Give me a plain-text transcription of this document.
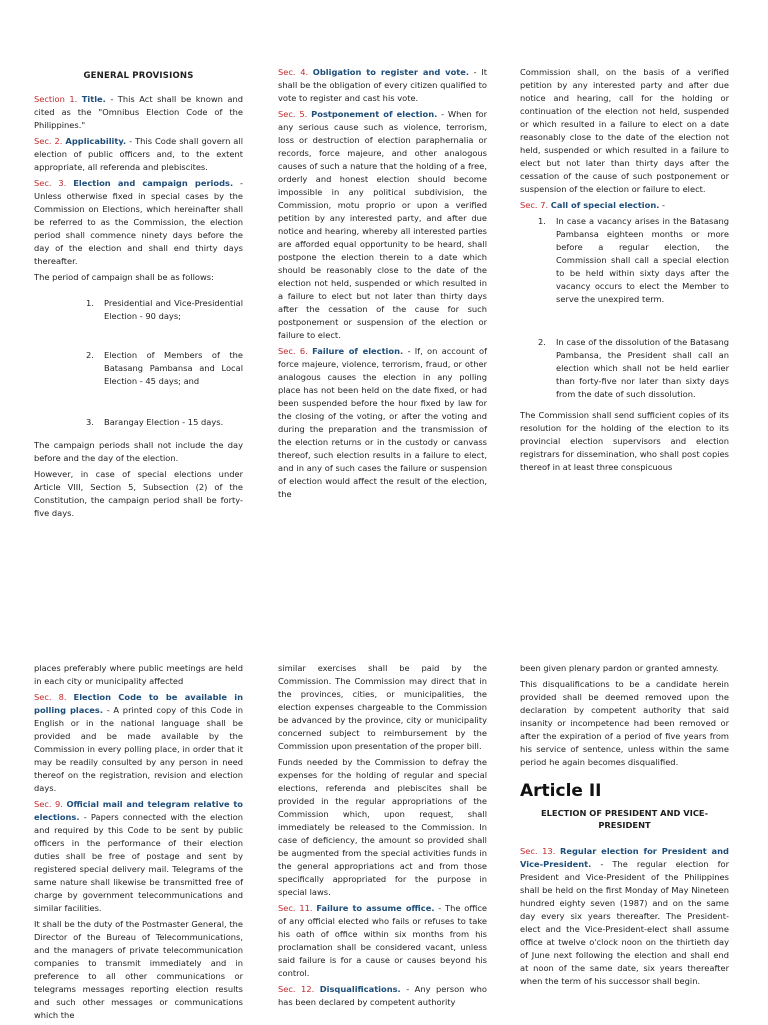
GENERAL PROVISIONS

Section 1. Title. - This Act shall be known and cited as the "Omnibus Election Code of the Philippines."

Sec. 2. Applicability. - This Code shall govern all election of public officers and, to the extent appropriate, all referenda and plebiscites.

Sec. 3. Election and campaign periods. - Unless otherwise fixed in special cases by the Commission on Elections, which hereinafter shall be referred to as the Commission, the election period shall commence ninety days before the day of the election and shall end thirty days thereafter.

The period of campaign shall be as follows:

1. Presidential and Vice-Presidential Election - 90 days;
2. Election of Members of the Batasang Pambansa and Local Election - 45 days; and
3. Barangay Election - 15 days.

The campaign periods shall not include the day before and the day of the election.

However, in case of special elections under Article VIII, Section 5, Subsection (2) of the Constitution, the campaign period shall be forty-five days.

Sec. 4. Obligation to register and vote. - It shall be the obligation of every citizen qualified to vote to register and cast his vote.

Sec. 5. Postponement of election. - When for any serious cause such as violence, terrorism, loss or destruction of election paraphernalia or records, force majeure, and other analogous causes of such a nature that the holding of a free, orderly and honest election should become impossible in any political subdivision, the Commission, motu proprio or upon a verified petition by any interested party, and after due notice and hearing, whereby all interested parties are afforded equal opportunity to be heard, shall postpone the election therein to a date which should be reasonably close to the date of the election not held, suspended or which resulted in a failure to elect but not later than thirty days after the cessation of the cause for such postponement or suspension of the election or failure to elect.

Sec. 6. Failure of election. - If, on account of force majeure, violence, terrorism, fraud, or other analogous causes the election in any polling place has not been held on the date fixed, or had been suspended before the hour fixed by law for the closing of the voting, or after the voting and during the preparation and the transmission of the election returns or in the custody or canvass thereof, such election results in a failure to elect, and in any of such cases the failure or suspension of election would affect the result of the election, the

Commission shall, on the basis of a verified petition by any interested party and after due notice and hearing, call for the holding or continuation of the election not held, suspended or which resulted in a failure to elect on a date reasonably close to the date of the election not held, suspended or which resulted in a failure to elect but not later than thirty days after the cessation of the cause of such postponement or suspension of the election or failure to elect.

Sec. 7. Call of special election. -

1. In case a vacancy arises in the Batasang Pambansa eighteen months or more before a regular election, the Commission shall call a special election to be held within sixty days after the vacancy occurs to elect the Member to serve the unexpired term.
2. In case of the dissolution of the Batasang Pambansa, the President shall call an election which shall not be held earlier than forty-five nor later than sixty days from the date of such dissolution.

The Commission shall send sufficient copies of its resolution for the holding of the election to its provincial election supervisors and election registrars for dissemination, who shall post copies thereof in at least three conspicuous

places preferably where public meetings are held in each city or municipality affected

Sec. 8. Election Code to be available in polling places. - A printed copy of this Code in English or in the national language shall be provided and be made available by the Commission in every polling place, in order that it may be readily consulted by any person in need thereof on the registration, revision and election days.

Sec. 9. Official mail and telegram relative to elections. - Papers connected with the election and required by this Code to be sent by public officers in the performance of their election duties shall be free of postage and sent by registered special delivery mail. Telegrams of the same nature shall likewise be transmitted free of charge by government telecommunications and similar facilities.

It shall be the duty of the Postmaster General, the Director of the Bureau of Telecommunications, and the managers of private telecommunication companies to transmit immediately and in preference to all other communications or telegrams messages reporting election results and such other messages or communications which the

similar exercises shall be paid by the Commission. The Commission may direct that in the provinces, cities, or municipalities, the election expenses chargeable to the Commission be advanced by the province, city or municipality concerned subject to reimbursement by the Commission upon presentation of the proper bill.

Funds needed by the Commission to defray the expenses for the holding of regular and special elections, referenda and plebiscites shall be provided in the regular appropriations of the Commission which, upon request, shall immediately be released to the Commission. In case of deficiency, the amount so provided shall be augmented from the special activities funds in the general appropriations act and from those specifically appropriated for the purpose in special laws.

Sec. 11. Failure to assume office. - The office of any official elected who fails or refuses to take his oath of office within six months from his proclamation shall be considered vacant, unless said failure is for a cause or causes beyond his control.

Sec. 12. Disqualifications. - Any person who has been declared by competent authority

been given plenary pardon or granted amnesty.

This disqualifications to be a candidate herein provided shall be deemed removed upon the declaration by competent authority that said insanity or incompetence had been removed or after the expiration of a period of five years from his service of sentence, unless within the same period he again becomes disqualified.

Article II
ELECTION OF PRESIDENT AND VICE-PRESIDENT

Sec. 13. Regular election for President and Vice-President. - The regular election for President and Vice-President of the Philippines shall be held on the first Monday of May Nineteen hundred eighty seven (1987) and on the same day every six years thereafter. The President-elect and the Vice-President-elect shall assume office at twelve o'clock noon on the thirtieth day of June next following the election and shall end at noon of the same date, six years thereafter when the term of his successor shall begin.
